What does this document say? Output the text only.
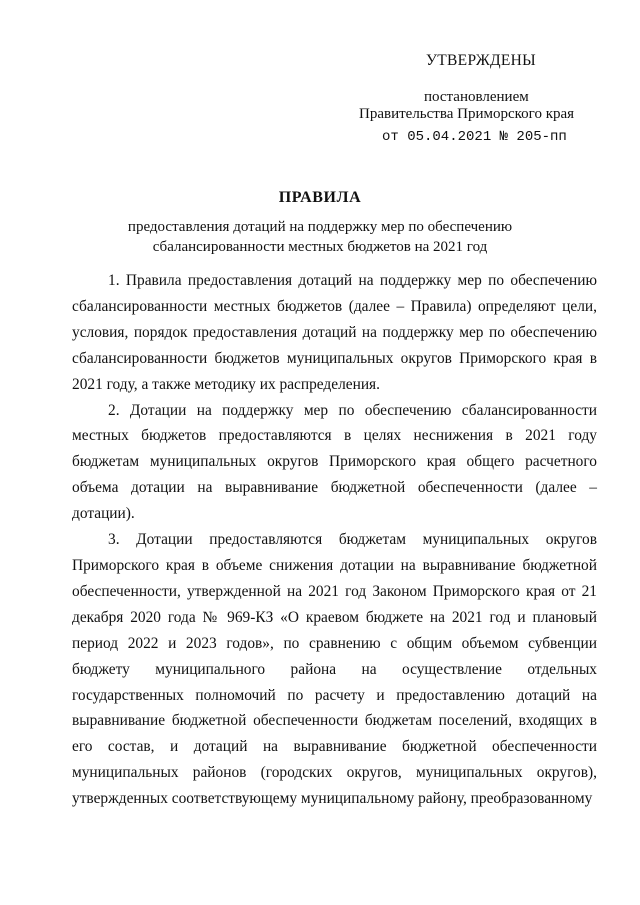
УТВЕРЖДЕНЫ
постановлением
Правительства Приморского края
от 05.04.2021 № 205-пп
ПРАВИЛА
предоставления дотаций на поддержку мер по обеспечению сбалансированности местных бюджетов на 2021 год

1. Правила предоставления дотаций на поддержку мер по обеспечению сбалансированности местных бюджетов (далее – Правила) определяют цели, условия, порядок предоставления дотаций на поддержку мер по обеспечению сбалансированности бюджетов муниципальных округов Приморского края в 2021 году, а также методику их распределения.

2. Дотации на поддержку мер по обеспечению сбалансированности местных бюджетов предоставляются в целях неснижения в 2021 году бюджетам муниципальных округов Приморского края общего расчетного объема дотации на выравнивание бюджетной обеспеченности (далее – дотации).

3. Дотации предоставляются бюджетам муниципальных округов Приморского края в объеме снижения дотации на выравнивание бюджетной обеспеченности, утвержденной на 2021 год Законом Приморского края от 21 декабря 2020 года № 969-КЗ «О краевом бюджете на 2021 год и плановый период 2022 и 2023 годов», по сравнению с общим объемом субвенции бюджету муниципального района на осуществление отдельных государственных полномочий по расчету и предоставлению дотаций на выравнивание бюджетной обеспеченности бюджетам поселений, входящих в его состав, и дотаций на выравнивание бюджетной обеспеченности муниципальных районов (городских округов, муниципальных округов), утвержденных соответствующему муниципальному району, преобразованному
